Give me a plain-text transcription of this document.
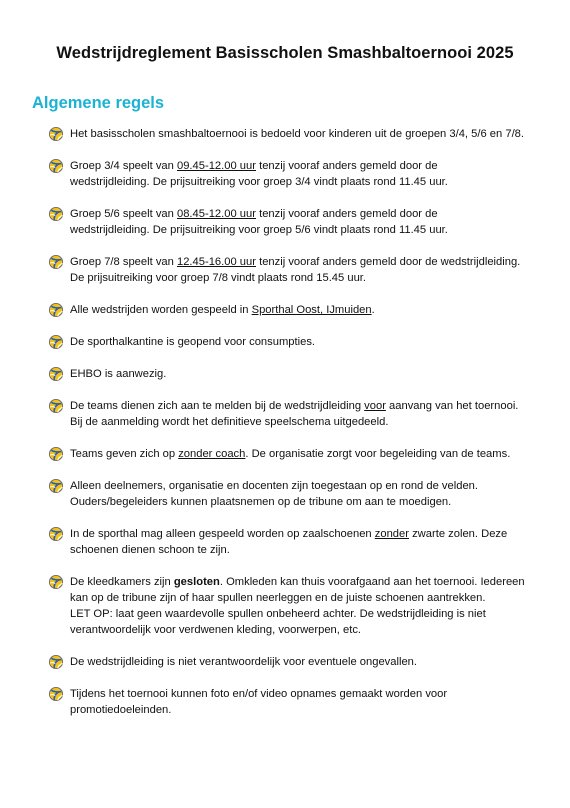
Wedstrijdreglement Basisscholen Smashbaltoernooi 2025
Algemene regels
Het basisscholen smashbaltoernooi is bedoeld voor kinderen uit de groepen 3/4, 5/6 en 7/8.
Groep 3/4 speelt van 09.45-12.00 uur tenzij vooraf anders gemeld door de
wedstrijdleiding. De prijsuitreiking voor groep 3/4 vindt plaats rond 11.45 uur.
Groep 5/6 speelt van 08.45-12.00 uur tenzij vooraf anders gemeld door de
wedstrijdleiding. De prijsuitreiking voor groep 5/6 vindt plaats rond 11.45 uur.
Groep 7/8 speelt van 12.45-16.00 uur tenzij vooraf anders gemeld door de wedstrijdleiding.
De prijsuitreiking voor groep 7/8 vindt plaats rond 15.45 uur.
Alle wedstrijden worden gespeeld in Sporthal Oost, IJmuiden.
De sporthalkantine is geopend voor consumpties.
EHBO is aanwezig.
De teams dienen zich aan te melden bij de wedstrijdleiding voor aanvang van het toernooi.
Bij de aanmelding wordt het definitieve speelschema uitgedeeld.
Teams geven zich op zonder coach. De organisatie zorgt voor begeleiding van de teams.
Alleen deelnemers, organisatie en docenten zijn toegestaan op en rond de velden.
Ouders/begeleiders kunnen plaatsnemen op de tribune om aan te moedigen.
In de sporthal mag alleen gespeeld worden op zaalschoenen zonder zwarte zolen. Deze
schoenen dienen schoon te zijn.
De kleedkamers zijn gesloten. Omkleden kan thuis voorafgaand aan het toernooi. Iedereen
kan op de tribune zijn of haar spullen neerleggen en de juiste schoenen aantrekken.
LET OP: laat geen waardevolle spullen onbeheerd achter. De wedstrijdleiding is niet
verantwoordelijk voor verdwenen kleding, voorwerpen, etc.
De wedstrijdleiding is niet verantwoordelijk voor eventuele ongevallen.
Tijdens het toernooi kunnen foto en/of video opnames gemaakt worden voor
promotiedoeleinden.
